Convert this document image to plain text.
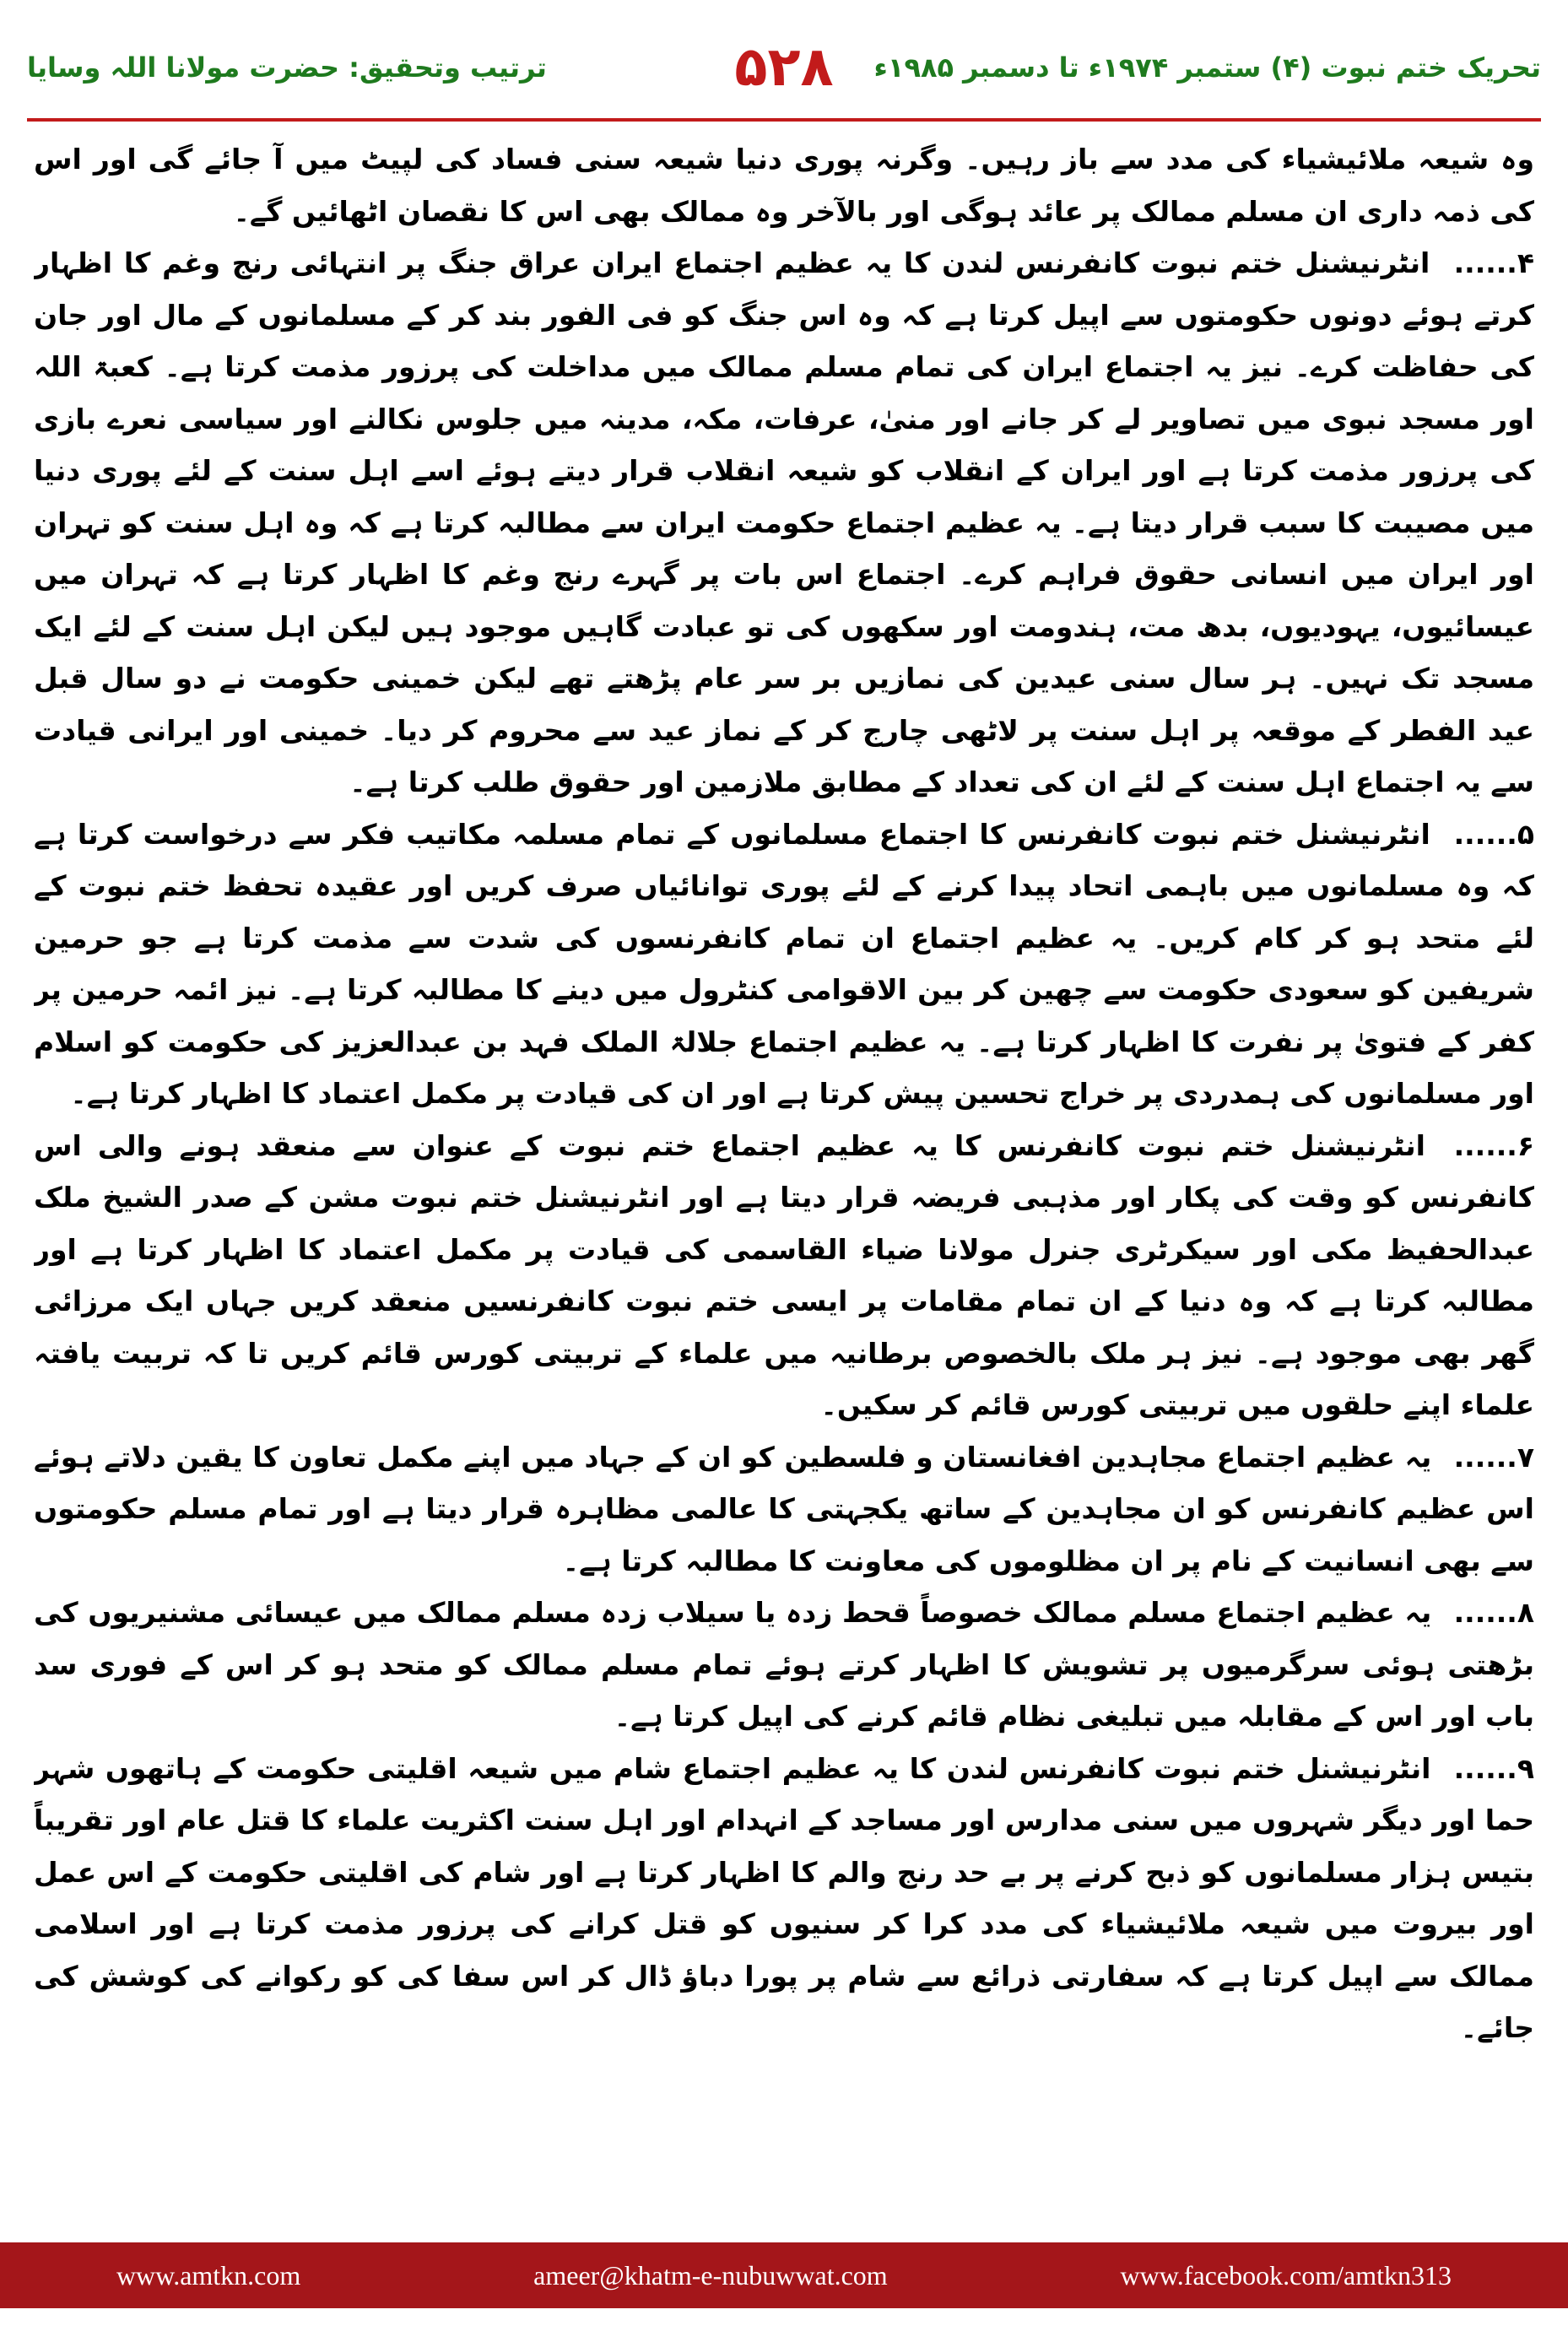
ترتیب وتحقیق: حضرت مولانا اللہ وسایا	۵۲۸ تحریک ختم نبوت (۴) ستمبر ۱۹۷۴ء تا دسمبر ۱۹۸۵ء

وہ شیعہ ملائیشیاء کی مدد سے باز رہیں۔ وگرنہ پوری دنیا شیعہ سنی فساد کی لپیٹ میں آ جائے گی اور اس کی ذمہ داری ان مسلم ممالک پر عائد ہوگی اور بالآخر وہ ممالک بھی اس کا نقصان اٹھائیں گے۔

۴...... انٹرنیشنل ختم نبوت کانفرنس لندن کا یہ عظیم اجتماع ایران عراق جنگ پر انتہائی رنج وغم کا اظہار کرتے ہوئے دونوں حکومتوں سے اپیل کرتا ہے کہ وہ اس جنگ کو فی الفور بند کر کے مسلمانوں کے مال اور جان کی حفاظت کرے۔ نیز یہ اجتماع ایران کی تمام مسلم ممالک میں مداخلت کی پرزور مذمت کرتا ہے۔ کعبۃ اللہ اور مسجد نبوی میں تصاویر لے کر جانے اور منیٰ، عرفات، مکہ، مدینہ میں جلوس نکالنے اور سیاسی نعرے بازی کی پرزور مذمت کرتا ہے اور ایران کے انقلاب کو شیعہ انقلاب قرار دیتے ہوئے اسے اہل سنت کے لئے پوری دنیا میں مصیبت کا سبب قرار دیتا ہے۔ یہ عظیم اجتماع حکومت ایران سے مطالبہ کرتا ہے کہ وہ اہل سنت کو تہران اور ایران میں انسانی حقوق فراہم کرے۔ اجتماع اس بات پر گہرے رنج وغم کا اظہار کرتا ہے کہ تہران میں عیسائیوں، یہودیوں، بدھ مت، ہندومت اور سکھوں کی تو عبادت گاہیں موجود ہیں لیکن اہل سنت کے لئے ایک مسجد تک نہیں۔ ہر سال سنی عیدین کی نمازیں بر سر عام پڑھتے تھے لیکن خمینی حکومت نے دو سال قبل عید الفطر کے موقعہ پر اہل سنت پر لاٹھی چارج کر کے نماز عید سے محروم کر دیا۔ خمینی اور ایرانی قیادت سے یہ اجتماع اہل سنت کے لئے ان کی تعداد کے مطابق ملازمین اور حقوق طلب کرتا ہے۔

۵...... انٹرنیشنل ختم نبوت کانفرنس کا اجتماع مسلمانوں کے تمام مسلمہ مکاتیب فکر سے درخواست کرتا ہے کہ وہ مسلمانوں میں باہمی اتحاد پیدا کرنے کے لئے پوری توانائیاں صرف کریں اور عقیدہ تحفظ ختم نبوت کے لئے متحد ہو کر کام کریں۔ یہ عظیم اجتماع ان تمام کانفرنسوں کی شدت سے مذمت کرتا ہے جو حرمین شریفین کو سعودی حکومت سے چھین کر بین الاقوامی کنٹرول میں دینے کا مطالبہ کرتا ہے۔ نیز ائمہ حرمین پر کفر کے فتویٰ پر نفرت کا اظہار کرتا ہے۔ یہ عظیم اجتماع جلالۃ الملک فہد بن عبدالعزیز کی حکومت کو اسلام اور مسلمانوں کی ہمدردی پر خراج تحسین پیش کرتا ہے اور ان کی قیادت پر مکمل اعتماد کا اظہار کرتا ہے۔

۶...... انٹرنیشنل ختم نبوت کانفرنس کا یہ عظیم اجتماع ختم نبوت کے عنوان سے منعقد ہونے والی اس کانفرنس کو وقت کی پکار اور مذہبی فریضہ قرار دیتا ہے اور انٹرنیشنل ختم نبوت مشن کے صدر الشیخ ملک عبدالحفیظ مکی اور سیکرٹری جنرل مولانا ضیاء القاسمی کی قیادت پر مکمل اعتماد کا اظہار کرتا ہے اور مطالبہ کرتا ہے کہ وہ دنیا کے ان تمام مقامات پر ایسی ختم نبوت کانفرنسیں منعقد کریں جہاں ایک مرزائی گھر بھی موجود ہے۔ نیز ہر ملک بالخصوص برطانیہ میں علماء کے تربیتی کورس قائم کریں تا کہ تربیت یافتہ علماء اپنے حلقوں میں تربیتی کورس قائم کر سکیں۔

۷...... یہ عظیم اجتماع مجاہدین افغانستان و فلسطین کو ان کے جہاد میں اپنے مکمل تعاون کا یقین دلاتے ہوئے اس عظیم کانفرنس کو ان مجاہدین کے ساتھ یکجہتی کا عالمی مظاہرہ قرار دیتا ہے اور تمام مسلم حکومتوں سے بھی انسانیت کے نام پر ان مظلوموں کی معاونت کا مطالبہ کرتا ہے۔

۸...... یہ عظیم اجتماع مسلم ممالک خصوصاً قحط زدہ یا سیلاب زدہ مسلم ممالک میں عیسائی مشنیریوں کی بڑھتی ہوئی سرگرمیوں پر تشویش کا اظہار کرتے ہوئے تمام مسلم ممالک کو متحد ہو کر اس کے فوری سد باب اور اس کے مقابلہ میں تبلیغی نظام قائم کرنے کی اپیل کرتا ہے۔

۹...... انٹرنیشنل ختم نبوت کانفرنس لندن کا یہ عظیم اجتماع شام میں شیعہ اقلیتی حکومت کے ہاتھوں شہر حما اور دیگر شہروں میں سنی مدارس اور مساجد کے انہدام اور اہل سنت اکثریت علماء کا قتل عام اور تقریباً بتیس ہزار مسلمانوں کو ذبح کرنے پر بے حد رنج والم کا اظہار کرتا ہے اور شام کی اقلیتی حکومت کے اس عمل اور بیروت میں شیعہ ملائیشیاء کی مدد کرا کر سنیوں کو قتل کرانے کی پرزور مذمت کرتا ہے اور اسلامی ممالک سے اپیل کرتا ہے کہ سفارتی ذرائع سے شام پر پورا دباؤ ڈال کر اس سفا کی کو رکوانے کی کوشش کی جائے۔

www.amtkn.com	ameer@khatm-e-nubuwwat.com	www.facebook.com/amtkn313
